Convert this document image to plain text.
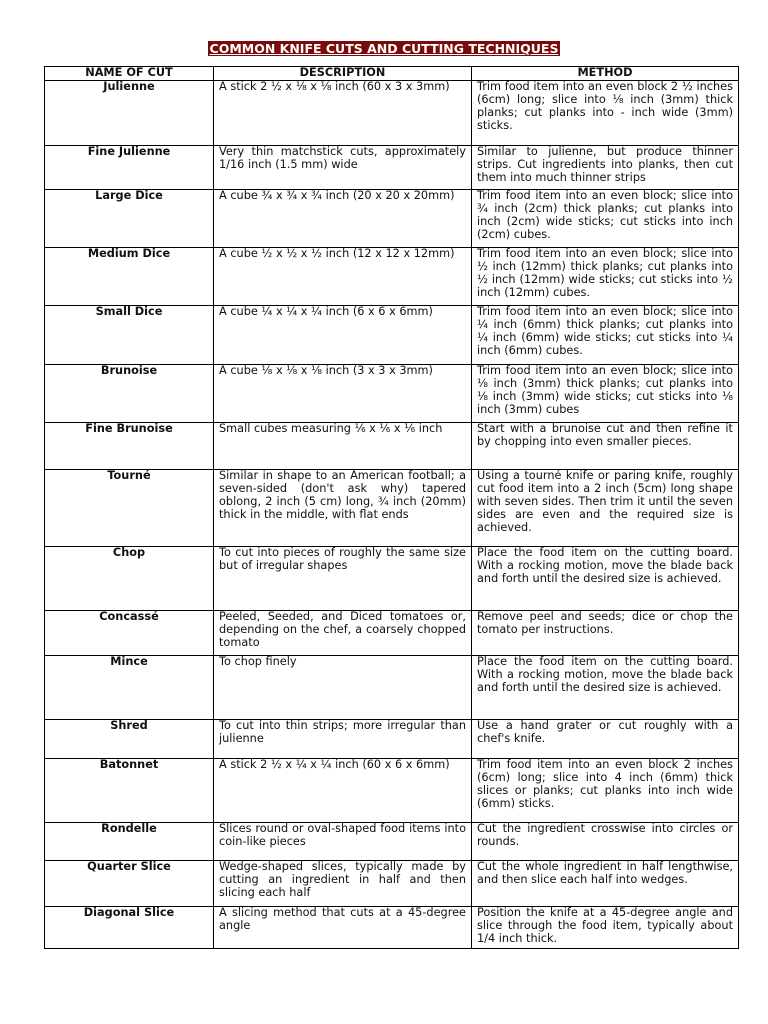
COMMON KNIFE CUTS AND CUTTING TECHNIQUES
NAME OF CUT	DESCRIPTION	METHOD
Julienne	A stick 2 ½ x ⅛ x ⅛ inch (60 x 3 x 3mm)	Trim food item into an even block 2 ½ inches (6cm) long; slice into ⅛ inch (3mm) thick planks; cut planks into - inch wide (3mm) sticks.
Fine Julienne	Very thin matchstick cuts, approximately 1/16 inch (1.5 mm) wide	Similar to julienne, but produce thinner strips. Cut ingredients into planks, then cut them into much thinner strips
Large Dice	A cube ¾ x ¾ x ¾ inch (20 x 20 x 20mm)	Trim food item into an even block; slice into ¾ inch (2cm) thick planks; cut planks into inch (2cm) wide sticks; cut sticks into inch (2cm) cubes.
Medium Dice	A cube ½ x ½ x ½ inch (12 x 12 x 12mm)	Trim food item into an even block; slice into ½ inch (12mm) thick planks; cut planks into ½ inch (12mm) wide sticks; cut sticks into ½ inch (12mm) cubes.
Small Dice	A cube ¼ x ¼ x ¼ inch (6 x 6 x 6mm)	Trim food item into an even block; slice into ¼ inch (6mm) thick planks; cut planks into ¼ inch (6mm) wide sticks; cut sticks into ¼ inch (6mm) cubes.
Brunoise	A cube ⅛ x ⅛ x ⅛ inch (3 x 3 x 3mm)	Trim food item into an even block; slice into ⅛ inch (3mm) thick planks; cut planks into ⅛ inch (3mm) wide sticks; cut sticks into ⅛ inch (3mm) cubes
Fine Brunoise	Small cubes measuring ⅙ x ⅙ x ⅙ inch	Start with a brunoise cut and then refine it by chopping into even smaller pieces.
Tourné	Similar in shape to an American football; a seven-sided (don't ask why) tapered oblong, 2 inch (5 cm) long, ¾ inch (20mm) thick in the middle, with flat ends	Using a tourné knife or paring knife, roughly cut food item into a 2 inch (5cm) long shape with seven sides. Then trim it until the seven sides are even and the required size is achieved.
Chop	To cut into pieces of roughly the same size but of irregular shapes	Place the food item on the cutting board. With a rocking motion, move the blade back and forth until the desired size is achieved.
Concassé	Peeled, Seeded, and Diced tomatoes or, depending on the chef, a coarsely chopped tomato	Remove peel and seeds; dice or chop the tomato per instructions.
Mince	To chop finely	Place the food item on the cutting board. With a rocking motion, move the blade back and forth until the desired size is achieved.
Shred	To cut into thin strips; more irregular than julienne	Use a hand grater or cut roughly with a chef's knife.
Batonnet	A stick 2 ½ x ¼ x ¼ inch (60 x 6 x 6mm)	Trim food item into an even block 2 inches (6cm) long; slice into 4 inch (6mm) thick slices or planks; cut planks into inch wide (6mm) sticks.
Rondelle	Slices round or oval-shaped food items into coin-like pieces	Cut the ingredient crosswise into circles or rounds.
Quarter Slice	Wedge-shaped slices, typically made by cutting an ingredient in half and then slicing each half	Cut the whole ingredient in half lengthwise, and then slice each half into wedges.
Diagonal Slice	A slicing method that cuts at a 45-degree angle	Position the knife at a 45-degree angle and slice through the food item, typically about 1/4 inch thick.
